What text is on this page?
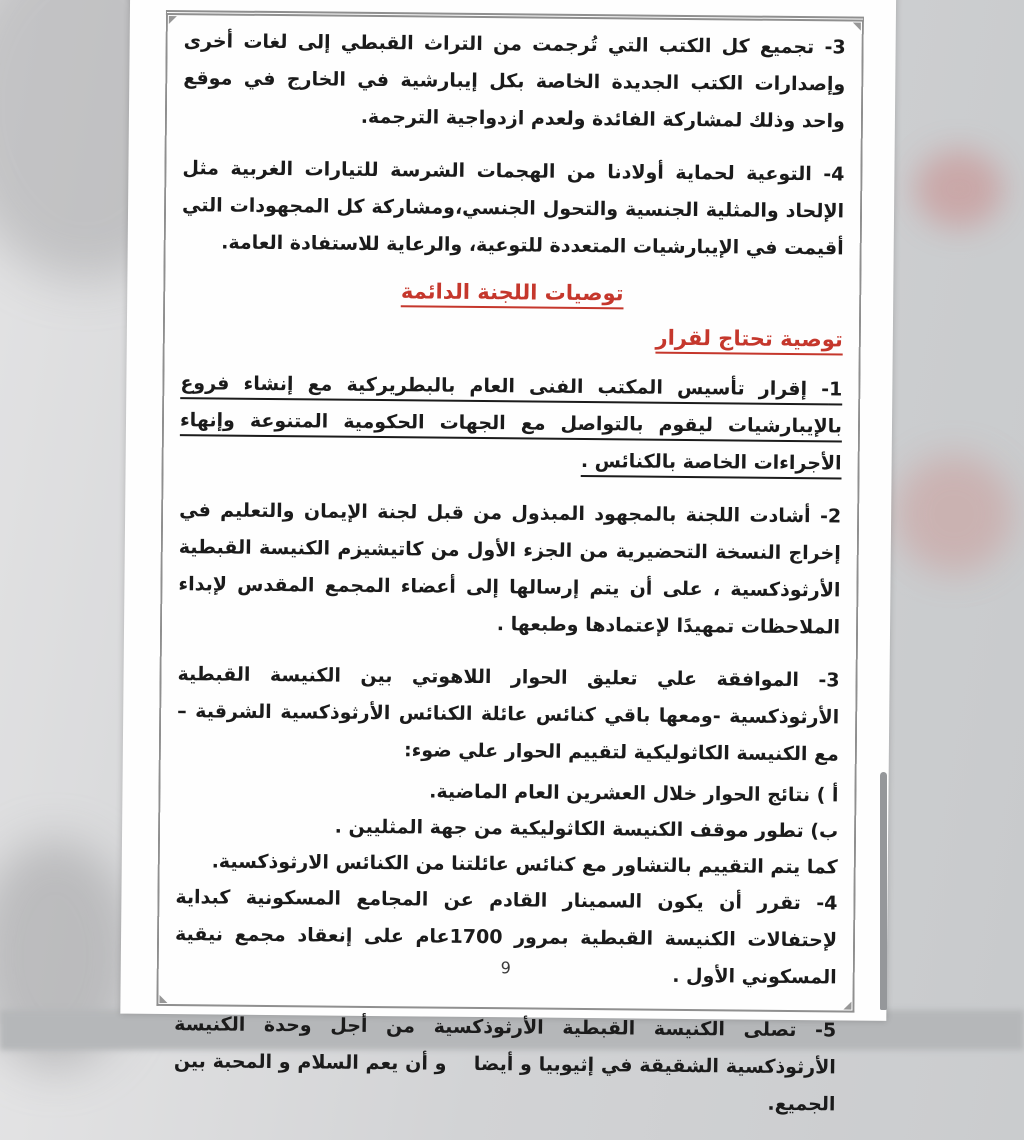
3- تجميع كل الكتب التي تُرجمت من التراث القبطي إلى لغات أخرى وإصدارات الكتب الجديدة الخاصة بكل إيبارشية في الخارج في موقع واحد وذلك لمشاركة الفائدة ولعدم ازدواجية الترجمة.

4- التوعية لحماية أولادنا من الهجمات الشرسة للتيارات الغربية مثل الإلحاد والمثلية الجنسية والتحول الجنسي،ومشاركة كل المجهودات التي أقيمت في الإيبارشيات المتعددة للتوعية، والرعاية للاستفادة العامة.

توصيات اللجنة الدائمة
توصية تحتاج لقرار

1- إقرار تأسيس المكتب الفنى العام بالبطريركية مع إنشاء فروع بالإيبارشيات ليقوم بالتواصل مع الجهات الحكومية المتنوعة وإنهاء الأجراءات الخاصة بالكنائس .

2- أشادت اللجنة بالمجهود المبذول من قبل لجنة الإيمان والتعليم في إخراج النسخة التحضيرية من الجزء الأول من كاتيشيزم الكنيسة القبطية الأرثوذكسية ، على أن يتم إرسالها إلى أعضاء المجمع المقدس لإبداء الملاحظات تمهيدًا لإعتمادها وطبعها .

3- الموافقة علي تعليق الحوار اللاهوتي بين الكنيسة القبطية الأرثوذكسية -ومعها باقي كنائس عائلة الكنائس الأرثوذكسية الشرقية – مع الكنيسة الكاثوليكية لتقييم الحوار علي ضوء:

أ ) نتائج الحوار خلال العشرين العام الماضية.

ب) تطور موقف الكنيسة الكاثوليكية من جهة المثليين .

كما يتم التقييم بالتشاور مع كنائس عائلتنا من الكنائس الارثوذكسية.

4- تقرر أن يكون السمينار القادم عن المجامع المسكونية كبداية لإحتفالات الكنيسة القبطية بمرور 1700عام على إنعقاد مجمع نيقية المسكوني الأول .

5- تصلى الكنيسة القبطية الأرثوذكسية من أجل وحدة الكنيسة الأرثوذكسية الشقيقة في إثيوبيا و أيضا    و أن يعم السلام و المحبة بين الجميع.

9
